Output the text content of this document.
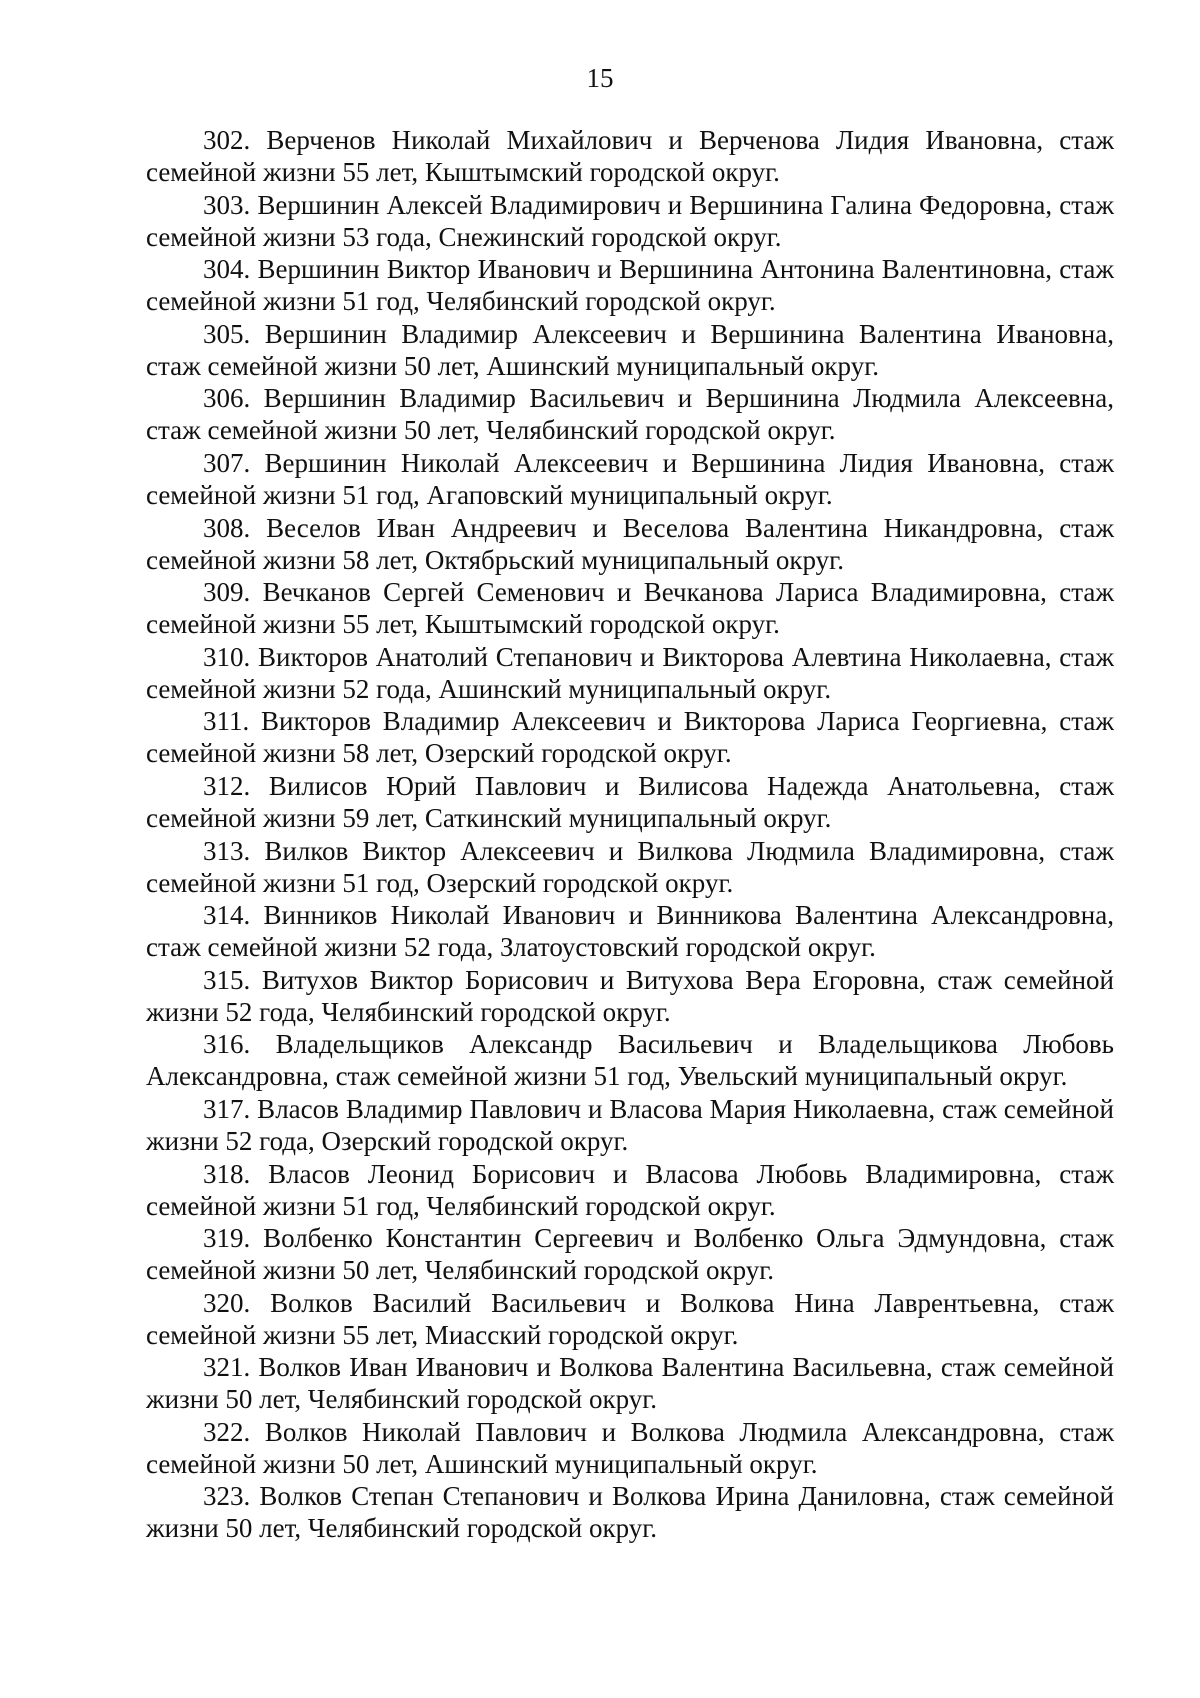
15

302. Верченов Николай Михайлович и Верченова Лидия Ивановна, стаж семейной жизни 55 лет, Кыштымский городской округ.

303. Вершинин Алексей Владимирович и Вершинина Галина Федоровна, стаж семейной жизни 53 года, Снежинский городской округ.

304. Вершинин Виктор Иванович и Вершинина Антонина Валентиновна, стаж семейной жизни 51 год, Челябинский городской округ.

305. Вершинин Владимир Алексеевич и Вершинина Валентина Ивановна, стаж семейной жизни 50 лет, Ашинский муниципальный округ.

306. Вершинин Владимир Васильевич и Вершинина Людмила Алексеевна, стаж семейной жизни 50 лет, Челябинский городской округ.

307. Вершинин Николай Алексеевич и Вершинина Лидия Ивановна, стаж семейной жизни 51 год, Агаповский муниципальный округ.

308. Веселов Иван Андреевич и Веселова Валентина Никандровна, стаж семейной жизни 58 лет, Октябрьский муниципальный округ.

309. Вечканов Сергей Семенович и Вечканова Лариса Владимировна, стаж семейной жизни 55 лет, Кыштымский городской округ.

310. Викторов Анатолий Степанович и Викторова Алевтина Николаевна, стаж семейной жизни 52 года, Ашинский муниципальный округ.

311. Викторов Владимир Алексеевич и Викторова Лариса Георгиевна, стаж семейной жизни 58 лет, Озерский городской округ.

312. Вилисов Юрий Павлович и Вилисова Надежда Анатольевна, стаж семейной жизни 59 лет, Саткинский муниципальный округ.

313. Вилков Виктор Алексеевич и Вилкова Людмила Владимировна, стаж семейной жизни 51 год, Озерский городской округ.

314. Винников Николай Иванович и Винникова Валентина Александровна, стаж семейной жизни 52 года, Златоустовский городской округ.

315. Витухов Виктор Борисович и Витухова Вера Егоровна, стаж семейной жизни 52 года, Челябинский городской округ.

316. Владельщиков Александр Васильевич и Владельщикова Любовь Александровна, стаж семейной жизни 51 год, Увельский муниципальный округ.

317. Власов Владимир Павлович и Власова Мария Николаевна, стаж семейной жизни 52 года, Озерский городской округ.

318. Власов Леонид Борисович и Власова Любовь Владимировна, стаж семейной жизни 51 год, Челябинский городской округ.

319. Волбенко Константин Сергеевич и Волбенко Ольга Эдмундовна, стаж семейной жизни 50 лет, Челябинский городской округ.

320. Волков Василий Васильевич и Волкова Нина Лаврентьевна, стаж семейной жизни 55 лет, Миасский городской округ.

321. Волков Иван Иванович и Волкова Валентина Васильевна, стаж семейной жизни 50 лет, Челябинский городской округ.

322. Волков Николай Павлович и Волкова Людмила Александровна, стаж семейной жизни 50 лет, Ашинский муниципальный округ.

323. Волков Степан Степанович и Волкова Ирина Даниловна, стаж семейной жизни 50 лет, Челябинский городской округ.
